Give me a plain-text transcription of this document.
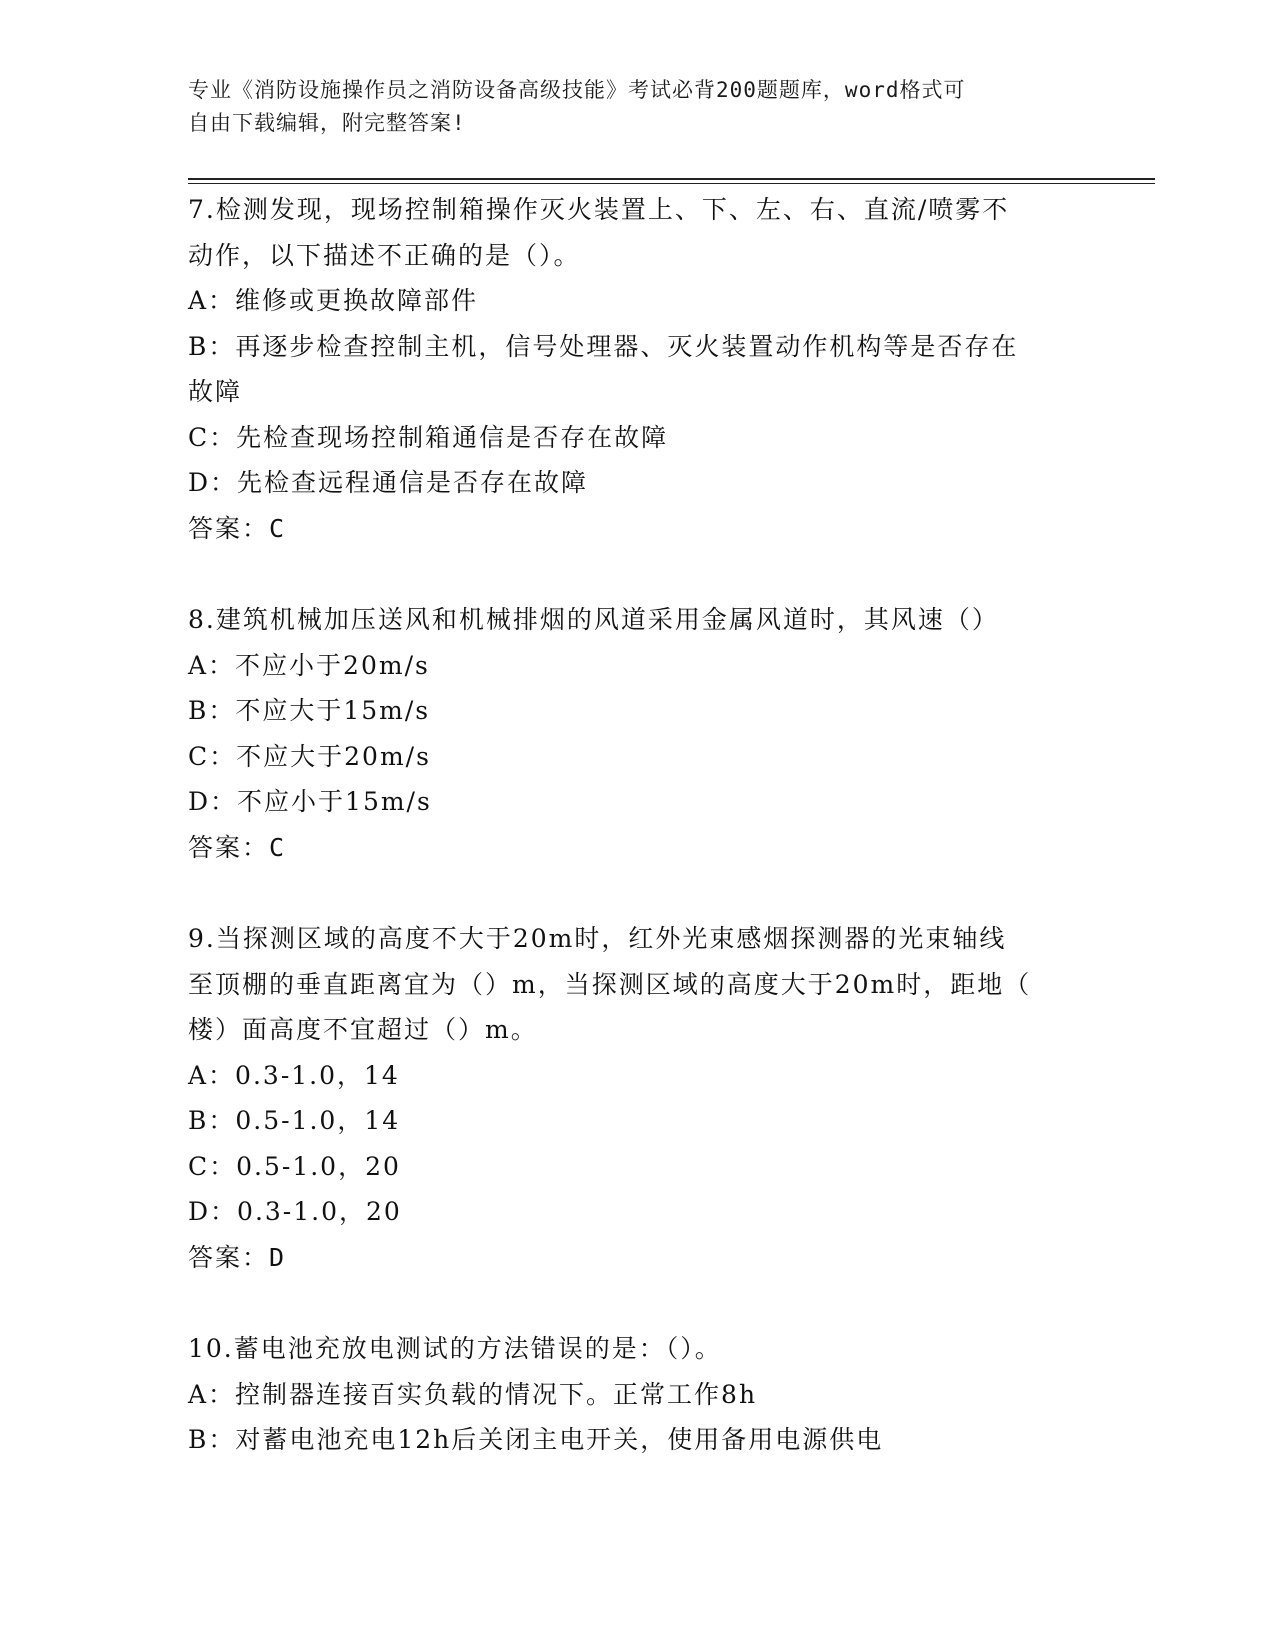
专业《消防设施操作员之消防设备高级技能》考试必背200题题库，word格式可
自由下载编辑，附完整答案!
7.检测发现，现场控制箱操作灭火装置上、下、左、右、直流/喷雾不
动作，以下描述不正确的是（）。
A：维修或更换故障部件
B：再逐步检查控制主机，信号处理器、灭火装置动作机构等是否存在
故障
C：先检查现场控制箱通信是否存在故障
D：先检查远程通信是否存在故障
答案：C
8.建筑机械加压送风和机械排烟的风道采用金属风道时，其风速（）
A：不应小于20m/s
B：不应大于15m/s
C：不应大于20m/s
D：不应小于15m/s
答案：C
9.当探测区域的高度不大于20m时，红外光束感烟探测器的光束轴线
至顶棚的垂直距离宜为（）m，当探测区域的高度大于20m时，距地（
楼）面高度不宜超过（）m。
A：0.3-1.0，14
B：0.5-1.0，14
C：0.5-1.0，20
D：0.3-1.0，20
答案：D
10.蓄电池充放电测试的方法错误的是：（）。
A：控制器连接百实负载的情况下。正常工作8h
B：对蓄电池充电12h后关闭主电开关，使用备用电源供电
